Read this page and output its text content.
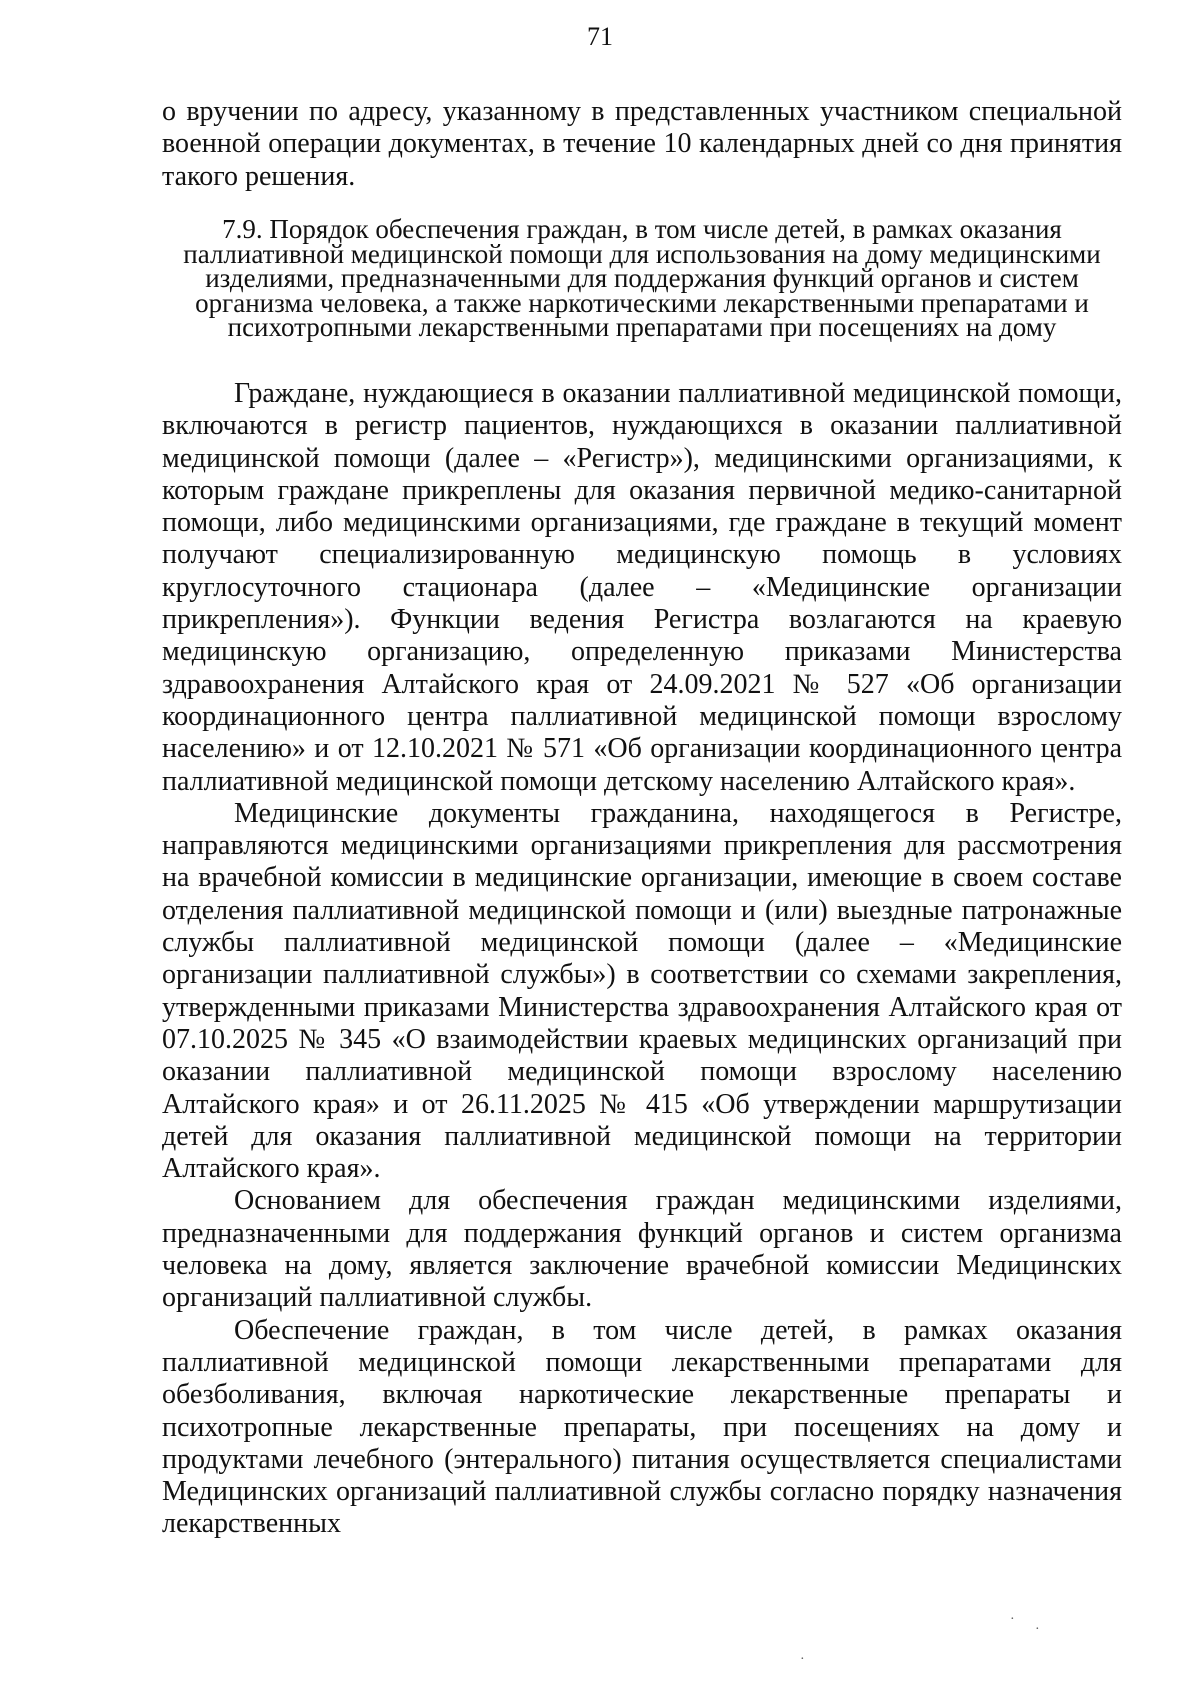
71

о вручении по адресу, указанному в представленных участником специальной военной операции документах, в течение 10 календарных дней со дня принятия такого решения.

7.9. Порядок обеспечения граждан, в том числе детей, в рамках оказания паллиативной медицинской помощи для использования на дому медицинскими изделиями, предназначенными для поддержания функций органов и систем организма человека, а также наркотическими лекарственными препаратами и психотропными лекарственными препаратами при посещениях на дому

Граждане, нуждающиеся в оказании паллиативной медицинской помощи, включаются в регистр пациентов, нуждающихся в оказании паллиативной медицинской помощи (далее – «Регистр»), медицинскими организациями, к которым граждане прикреплены для оказания первичной медико-санитарной помощи, либо медицинскими организациями, где граждане в текущий момент получают специализированную медицинскую помощь в условиях круглосуточного стационара (далее – «Медицинские организации прикрепления»). Функции ведения Регистра возлагаются на краевую медицинскую организацию, определенную приказами Министерства здравоохранения Алтайского края от 24.09.2021 № 527 «Об организации координационного центра паллиативной медицинской помощи взрослому населению» и от 12.10.2021 № 571 «Об организации координационного центра паллиативной медицинской помощи детскому населению Алтайского края».

Медицинские документы гражданина, находящегося в Регистре, направляются медицинскими организациями прикрепления для рассмотрения на врачебной комиссии в медицинские организации, имеющие в своем составе отделения паллиативной медицинской помощи и (или) выездные патронажные службы паллиативной медицинской помощи (далее – «Медицинские организации паллиативной службы») в соответствии со схемами закрепления, утвержденными приказами Министерства здравоохранения Алтайского края от 07.10.2025 № 345 «О взаимодействии краевых медицинских организаций при оказании паллиативной медицинской помощи взрослому населению Алтайского края» и от 26.11.2025 № 415 «Об утверждении маршрутизации детей для оказания паллиативной медицинской помощи на территории Алтайского края».

Основанием для обеспечения граждан медицинскими изделиями, предназначенными для поддержания функций органов и систем организма человека на дому, является заключение врачебной комиссии Медицинских организаций паллиативной службы.

Обеспечение граждан, в том числе детей, в рамках оказания паллиативной медицинской помощи лекарственными препаратами для обезболивания, включая наркотические лекарственные препараты и психотропные лекарственные препараты, при посещениях на дому и продуктами лечебного (энтерального) питания осуществляется специалистами Медицинских организаций паллиативной службы согласно порядку назначения лекарственных

·
·
·
